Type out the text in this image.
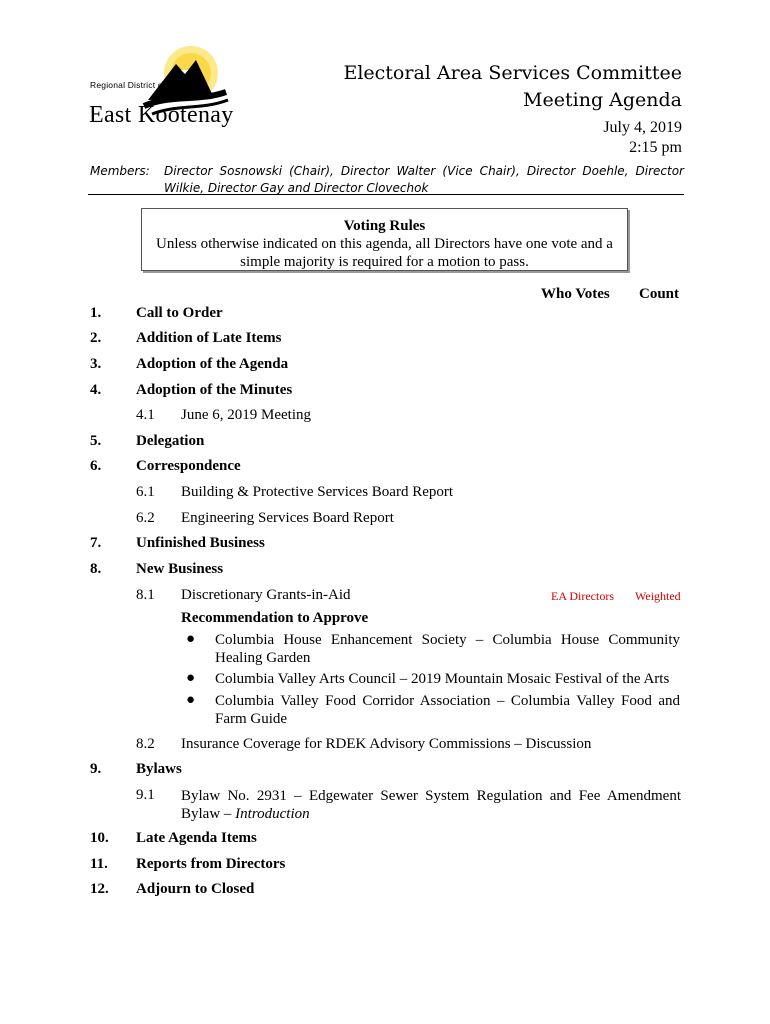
Regional District of
East Kootenay
Electoral Area Services Committee
Meeting Agenda
July 4, 2019
2:15 pm
Members: Director Sosnowski (Chair), Director Walter (Vice Chair), Director Doehle, Director Wilkie, Director Gay and Director Clovechok
Voting Rules
Unless otherwise indicated on this agenda, all Directors have one vote and a
simple majority is required for a motion to pass.
Who Votes Count
1. Call to Order
2. Addition of Late Items
3. Adoption of the Agenda
4. Adoption of the Minutes
4.1 June 6, 2019 Meeting
5. Delegation
6. Correspondence
6.1 Building & Protective Services Board Report
6.2 Engineering Services Board Report
7. Unfinished Business
8. New Business
8.1 Discretionary Grants-in-Aid	EA Directors Weighted
Recommendation to Approve
● Columbia House Enhancement Society – Columbia House Community
Healing Garden
● Columbia Valley Arts Council – 2019 Mountain Mosaic Festival of the Arts
● Columbia Valley Food Corridor Association – Columbia Valley Food and
Farm Guide
8.2 Insurance Coverage for RDEK Advisory Commissions – Discussion
9. Bylaws
9.1 Bylaw No. 2931 – Edgewater Sewer System Regulation and Fee Amendment
Bylaw – Introduction
10. Late Agenda Items
11. Reports from Directors
12. Adjourn to Closed
